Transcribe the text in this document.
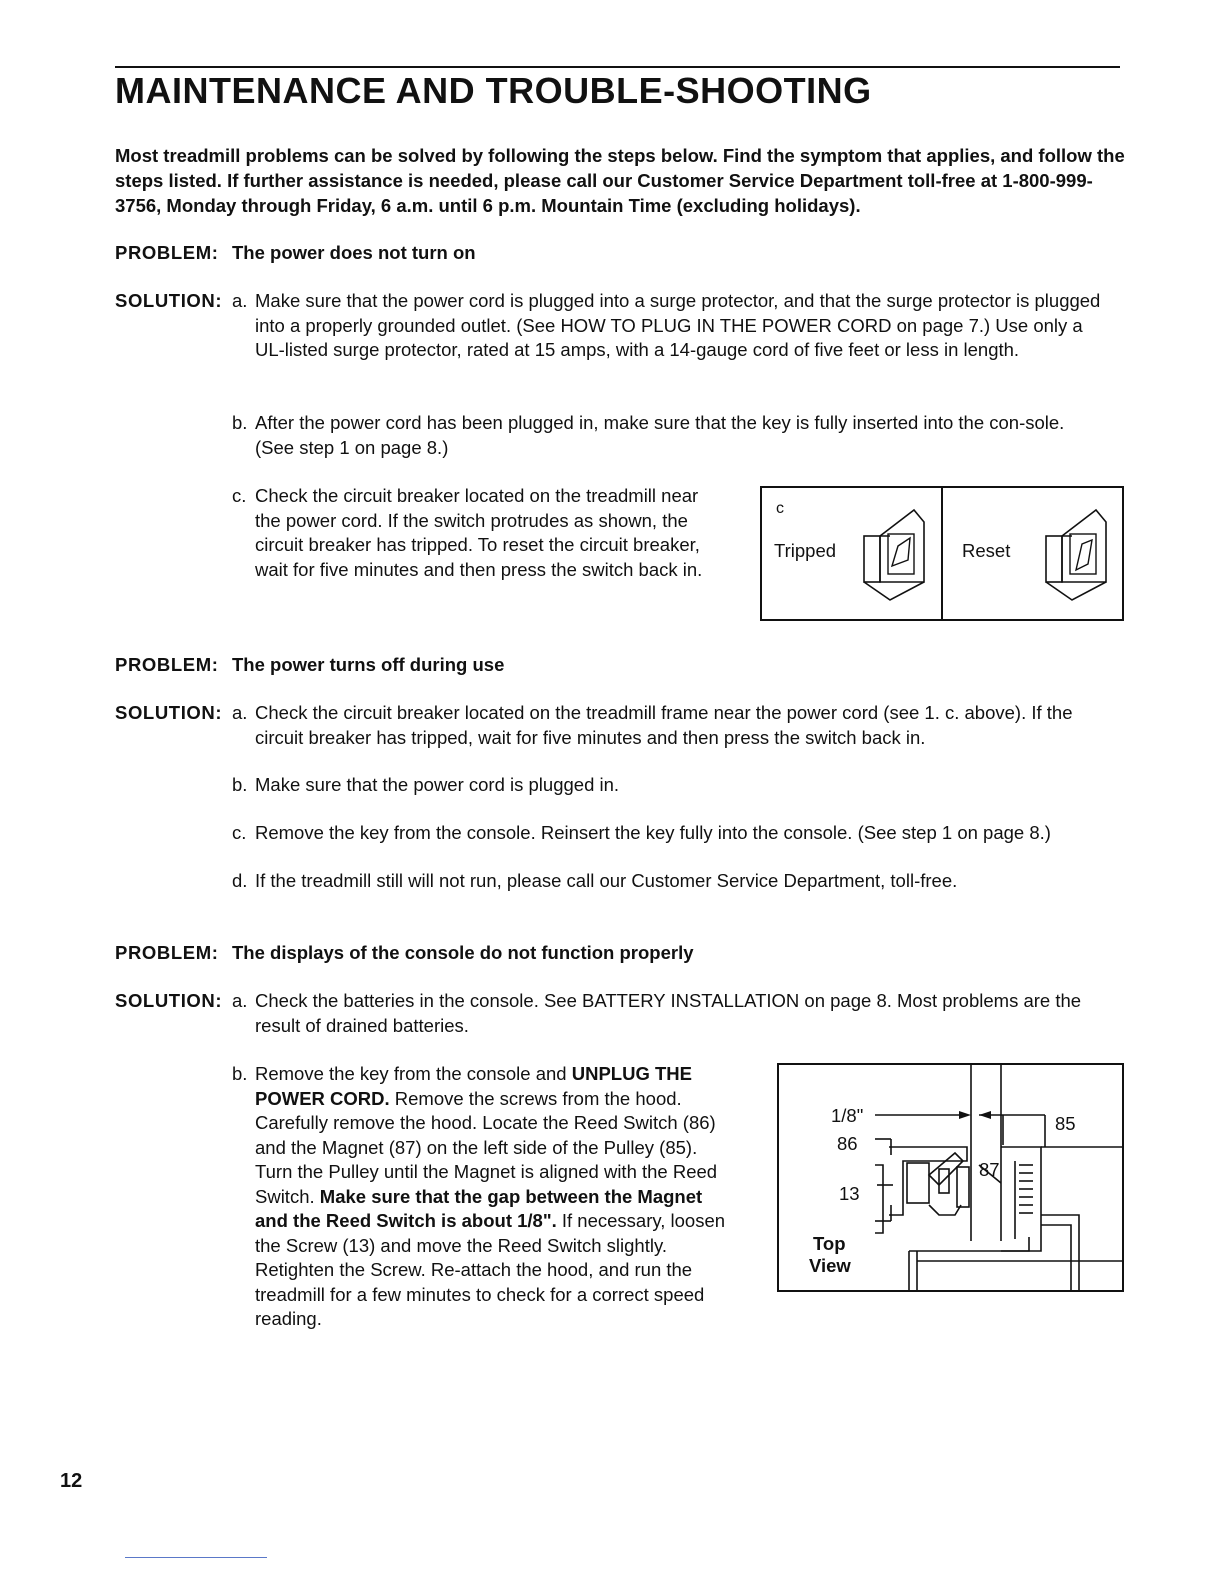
MAINTENANCE AND TROUBLE-SHOOTING
Most treadmill problems can be solved by following the steps below. Find the symptom that applies, and follow the steps listed. If further assistance is needed, please call our Customer Service Department toll-free at 1-800-999-3756, Monday through Friday, 6 a.m. until 6 p.m. Mountain Time (excluding holidays).
PROBLEM: The power does not turn on
SOLUTION: a. Make sure that the power cord is plugged into a surge protector, and that the surge protector is plugged into a properly grounded outlet. (See HOW TO PLUG IN THE POWER CORD on page 7.) Use only a UL-listed surge protector, rated at 15 amps, with a 14-gauge cord of five feet or less in length.
b. After the power cord has been plugged in, make sure that the key is fully inserted into the con-sole. (See step 1 on page 8.)
c. Check the circuit breaker located on the treadmill near the power cord. If the switch protrudes as shown, the circuit breaker has tripped. To reset the circuit breaker, wait for five minutes and then press the switch back in.
c
Tripped	Reset
PROBLEM: The power turns off during use
SOLUTION: a. Check the circuit breaker located on the treadmill frame near the power cord (see 1. c. above). If the circuit breaker has tripped, wait for five minutes and then press the switch back in.
b. Make sure that the power cord is plugged in.
c. Remove the key from the console. Reinsert the key fully into the console. (See step 1 on page 8.)
d. If the treadmill still will not run, please call our Customer Service Department, toll-free.
PROBLEM: The displays of the console do not function properly
SOLUTION: a. Check the batteries in the console. See BATTERY INSTALLATION on page 8. Most problems are the result of drained batteries.
b. Remove the key from the console and UNPLUG THE POWER CORD. Remove the screws from the hood. Carefully remove the hood. Locate the Reed Switch (86) and the Magnet (87) on the left side of the Pulley (85). Turn the Pulley until the Magnet is aligned with the Reed Switch. Make sure that the gap between the Magnet and the Reed Switch is about 1/8". If necessary, loosen the Screw (13) and move the Reed Switch slightly. Retighten the Screw. Re-attach the hood, and run the treadmill for a few minutes to check for a correct speed reading.
1/8"
86
87
85
13
Top
View
12
